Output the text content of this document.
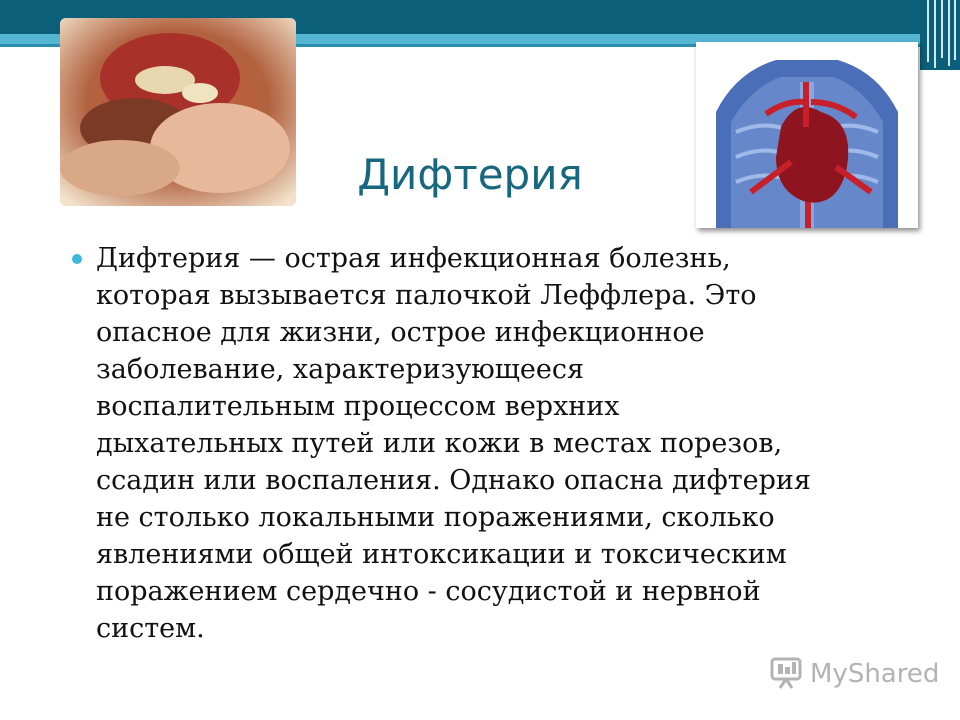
Дифтерия

Дифтерия — острая инфекционная болезнь,
которая вызывается палочкой Леффлера. Это
опасное для жизни, острое инфекционное
заболевание, характеризующееся
воспалительным процессом верхних
дыхательных путей или кожи в местах порезов,
ссадин или воспаления. Однако опасна дифтерия
не столько локальными поражениями, сколько
явлениями общей интоксикации и токсическим
поражением сердечно - сосудистой и нервной
систем.

MyShared
